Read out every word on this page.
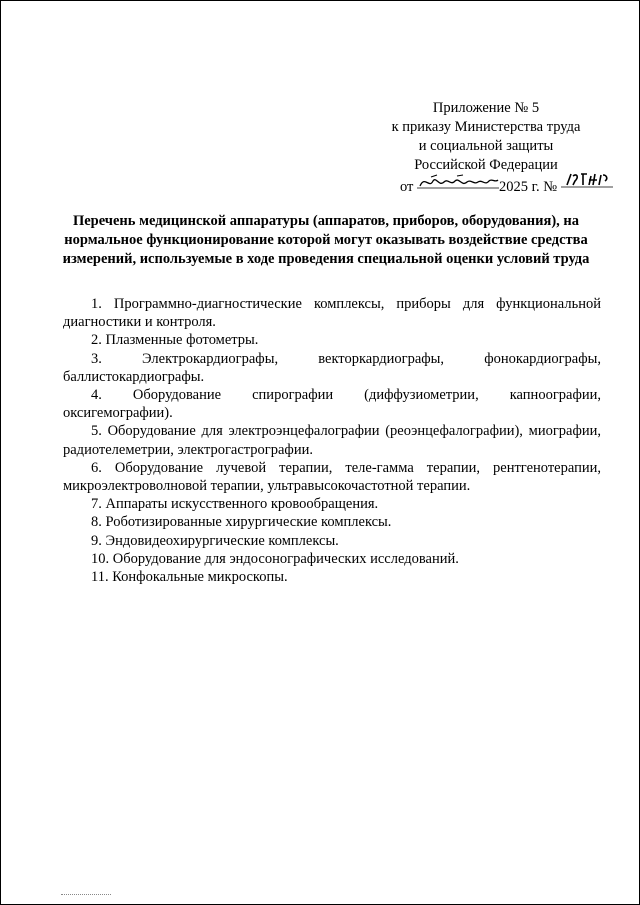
Приложение № 5
к приказу Министерства труда
и социальной защиты
Российской Федерации
от	2025 г. №
Перечень медицинской аппаратуры (аппаратов, приборов, оборудования), на нормальное функционирование которой могут оказывать воздействие средства измерений, используемые в ходе проведения специальной оценки условий труда

1. Программно-диагностические комплексы, приборы для функциональной диагностики и контроля.

2. Плазменные фотометры.

3. Электрокардиографы, векторкардиографы, фонокардиографы, баллистокардиографы.

4. Оборудование спирографии (диффузиометрии, капноографии, оксигемографии).

5. Оборудование для электроэнцефалографии (реоэнцефалографии), миографии, радиотелеметрии, электрогастрографии.

6. Оборудование лучевой терапии, теле-гамма терапии, рентгенотерапии, микроэлектроволновой терапии, ультравысокочастотной терапии.

7. Аппараты искусственного кровообращения.

8. Роботизированные хирургические комплексы.

9. Эндовидеохирургические комплексы.

10. Оборудование для эндосонографических исследований.

11. Конфокальные микроскопы.
